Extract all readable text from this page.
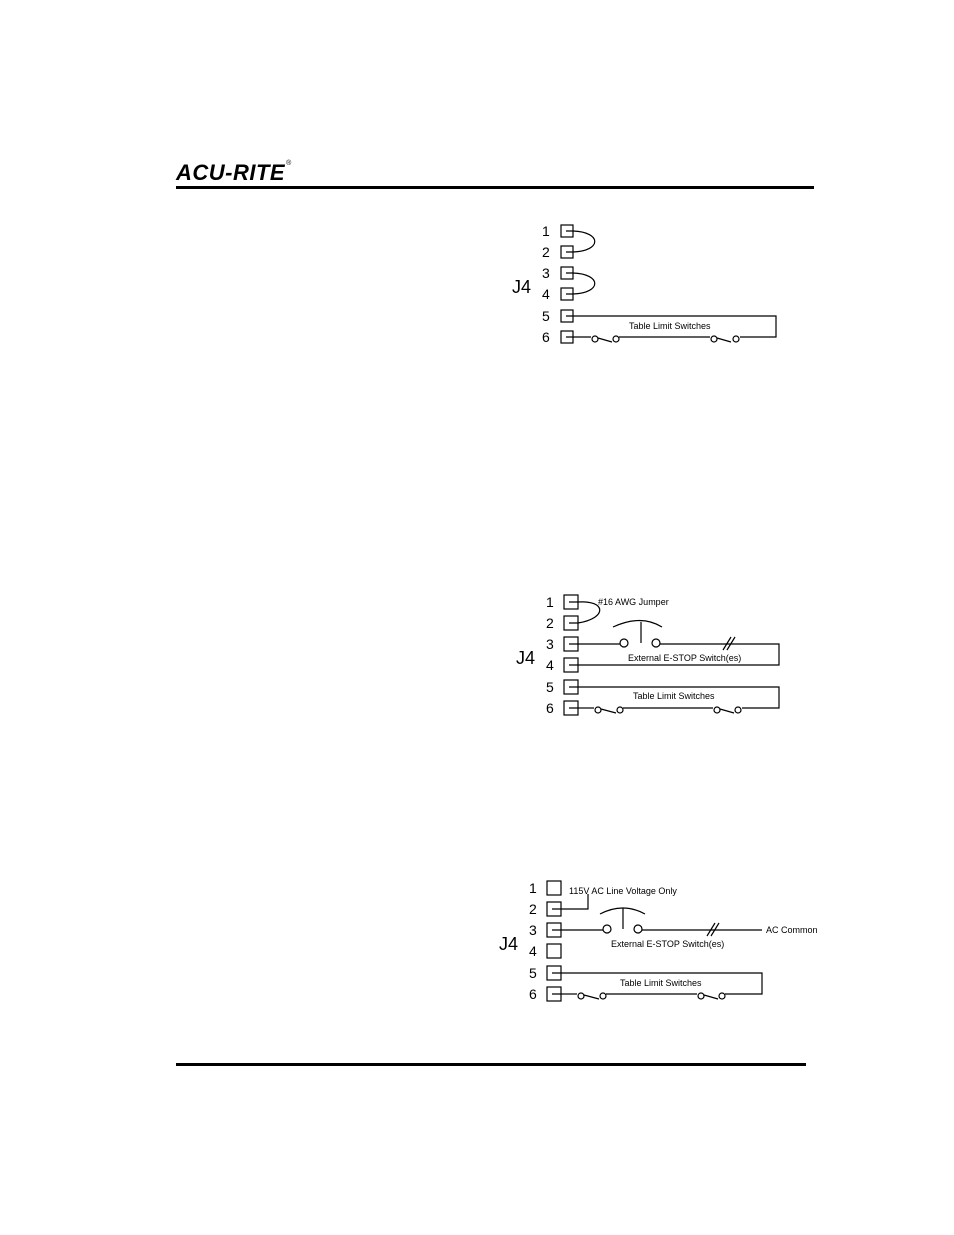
ACU-RITE®
1
2
3
4
5
6
J4
Table Limit Switches
1
2
3
4
5
6
J4
#16 AWG Jumper
External E-STOP Switch(es)
Table Limit Switches
1
2
3
4
5
6
J4
115V AC Line Voltage Only
External E-STOP Switch(es)
AC Common
Table Limit Switches
